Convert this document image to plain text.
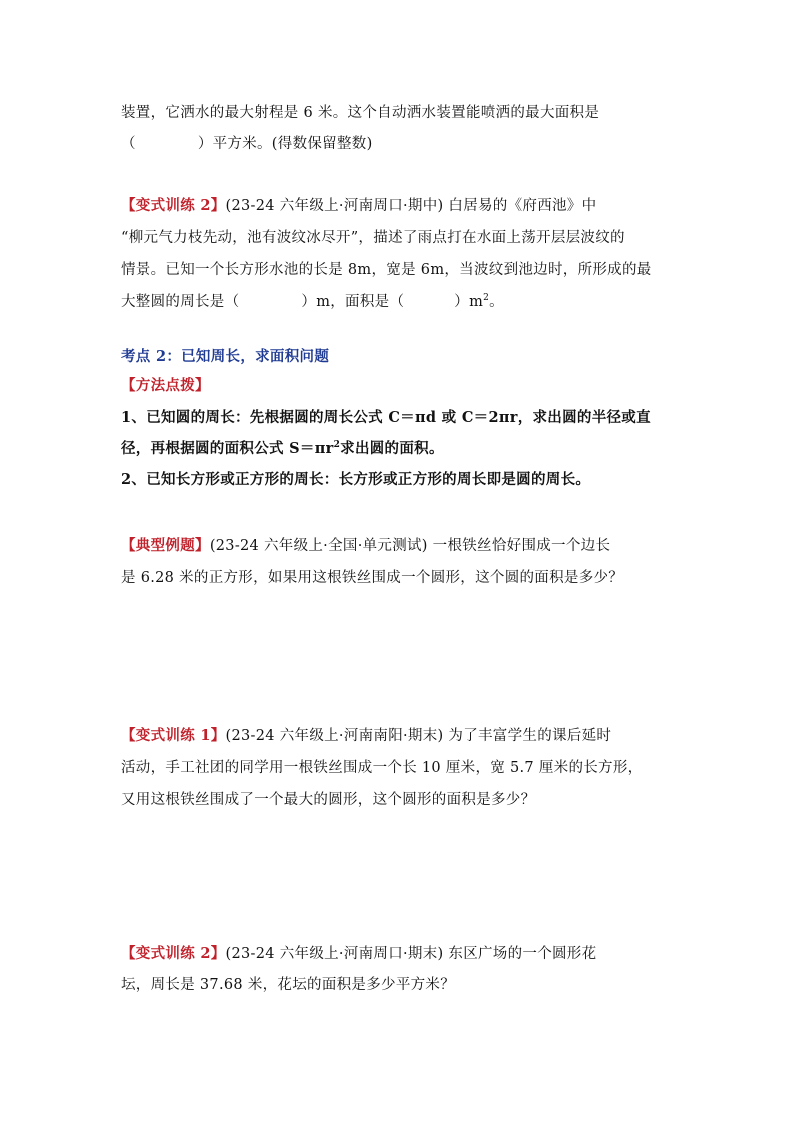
装置，它洒水的最大射程是 6 米。这个自动洒水装置能喷洒的最大面积是
（	）平方米。(得数保留整数)
【变式训练 2】(23-24 六年级上·河南周口·期中) 白居易的《府西池》中
“柳元气力枝先动，池有波纹冰尽开”，描述了雨点打在水面上荡开层层波纹的
情景。已知一个长方形水池的长是 8m，宽是 6m，当波纹到池边时，所形成的最
大整圆的周长是（	）m，面积是（	）$m^2$。
考点 2：已知周长，求面积问题
【方法点拨】
1、已知圆的周长：先根据圆的周长公式 C＝πd 或 C＝2πr，求出圆的半径或直
径，再根据圆的面积公式 $S=\pi r^2$求出圆的面积。
2、已知长方形或正方形的周长：长方形或正方形的周长即是圆的周长。
【典型例题】(23-24 六年级上·全国·单元测试) 一根铁丝恰好围成一个边长
是 6.28 米的正方形，如果用这根铁丝围成一个圆形，这个圆的面积是多少？
【变式训练 1】(23-24 六年级上·河南南阳·期末) 为了丰富学生的课后延时
活动，手工社团的同学用一根铁丝围成一个长 10 厘米，宽 5.7 厘米的长方形，
又用这根铁丝围成了一个最大的圆形，这个圆形的面积是多少？
【变式训练 2】(23-24 六年级上·河南周口·期末) 东区广场的一个圆形花
坛，周长是 37.68 米，花坛的面积是多少平方米？
